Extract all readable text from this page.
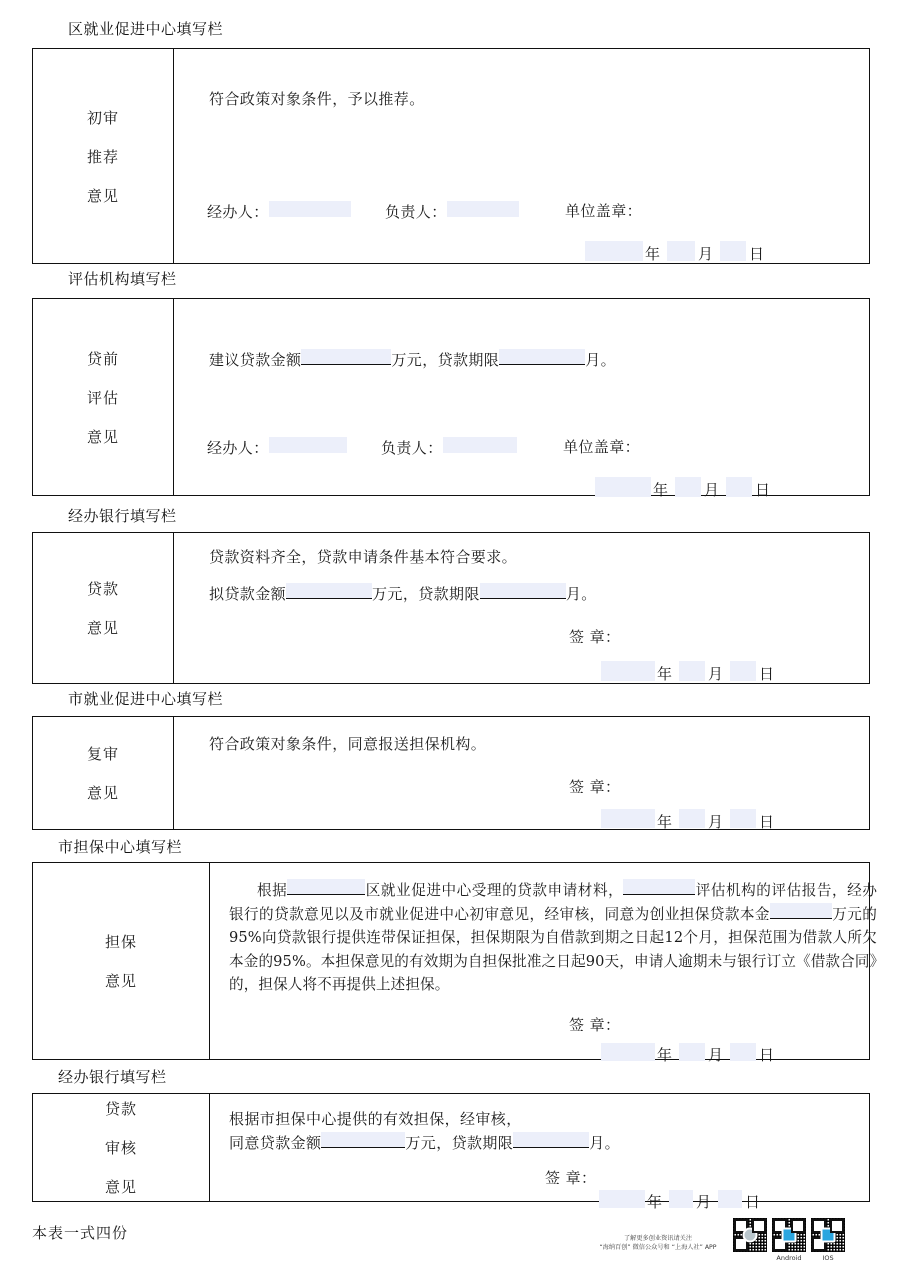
区就业促进中心填写栏
初审
推荐
意见
符合政策对象条件，予以推荐。
经办人：	负责人：	单位盖章：
年	月 日
评估机构填写栏
贷前
评估
意见
建议贷款金额	万元，贷款期限	月。
经办人：	负责人：	单位盖章：
年 月 日
经办银行填写栏
贷款
意见
贷款资料齐全，贷款申请条件基本符合要求。
拟贷款金额	万元，贷款期限	月。
签 章：
年 月 日
市就业促进中心填写栏
复审
意见
符合政策对象条件，同意报送担保机构。
签 章：
年 月 日
市担保中心填写栏
担保
意见
根据	区就业促进中心受理的贷款申请材料，	评估机构的评估报告，经办银行的贷款意见以及市就业促进中心初审意见，经审核，同意为创业担保贷款本金	万元的95%向贷款银行提供连带保证担保，担保期限为自借款到期之日起12个月，担保范围为借款人所欠本金的95%。本担保意见的有效期为自担保批准之日起90天，申请人逾期未与银行订立《借款合同》的，担保人将不再提供上述担保。
签 章：
年 月 日
经办银行填写栏
贷款
审核
意见
根据市担保中心提供的有效担保，经审核，
同意贷款金额	万元，贷款期限	月。
签 章：
年 月 日
本表一式四份	了解更多创业资讯请关注
“海纳百创” 微信公众号和 “上海人社” APP
Android	IOS
